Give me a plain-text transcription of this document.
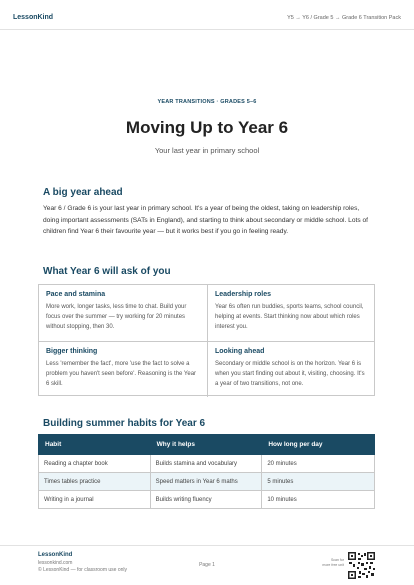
LessonKind	Y5 → Y6 / Grade 5 → Grade 6 Transition Pack
YEAR TRANSITIONS · GRADES 5–6
Moving Up to Year 6
Your last year in primary school
A big year ahead
Year 6 / Grade 6 is your last year in primary school. It's a year of being the oldest, taking on leadership roles, doing important assessments (SATs in England), and starting to think about secondary or middle school. Lots of children find Year 6 their favourite year — but it works best if you go in feeling ready.
What Year 6 will ask of you
Pace and stamina
More work, longer tasks, less time to chat. Build your focus over the summer — try working for 20 minutes without stopping, then 30.
Leadership roles
Year 6s often run buddies, sports teams, school council, helping at events. Start thinking now about which roles interest you.
Bigger thinking
Less 'remember the fact', more 'use the fact to solve a problem you haven't seen before'. Reasoning is the Year 6 skill.
Looking ahead
Secondary or middle school is on the horizon. Year 6 is when you start finding out about it, visiting, choosing. It's a year of two transitions, not one.
Building summer habits for Year 6
Habit	Why it helps	How long per day
Reading a chapter book	Builds stamina and vocabulary	20 minutes
Times tables practice	Speed matters in Year 6 maths	5 minutes
Writing in a journal	Builds writing fluency	10 minutes
LessonKind
lessonkind.com
© LessonKind — for classroom use only
Page 1
Scan for
more free unit
